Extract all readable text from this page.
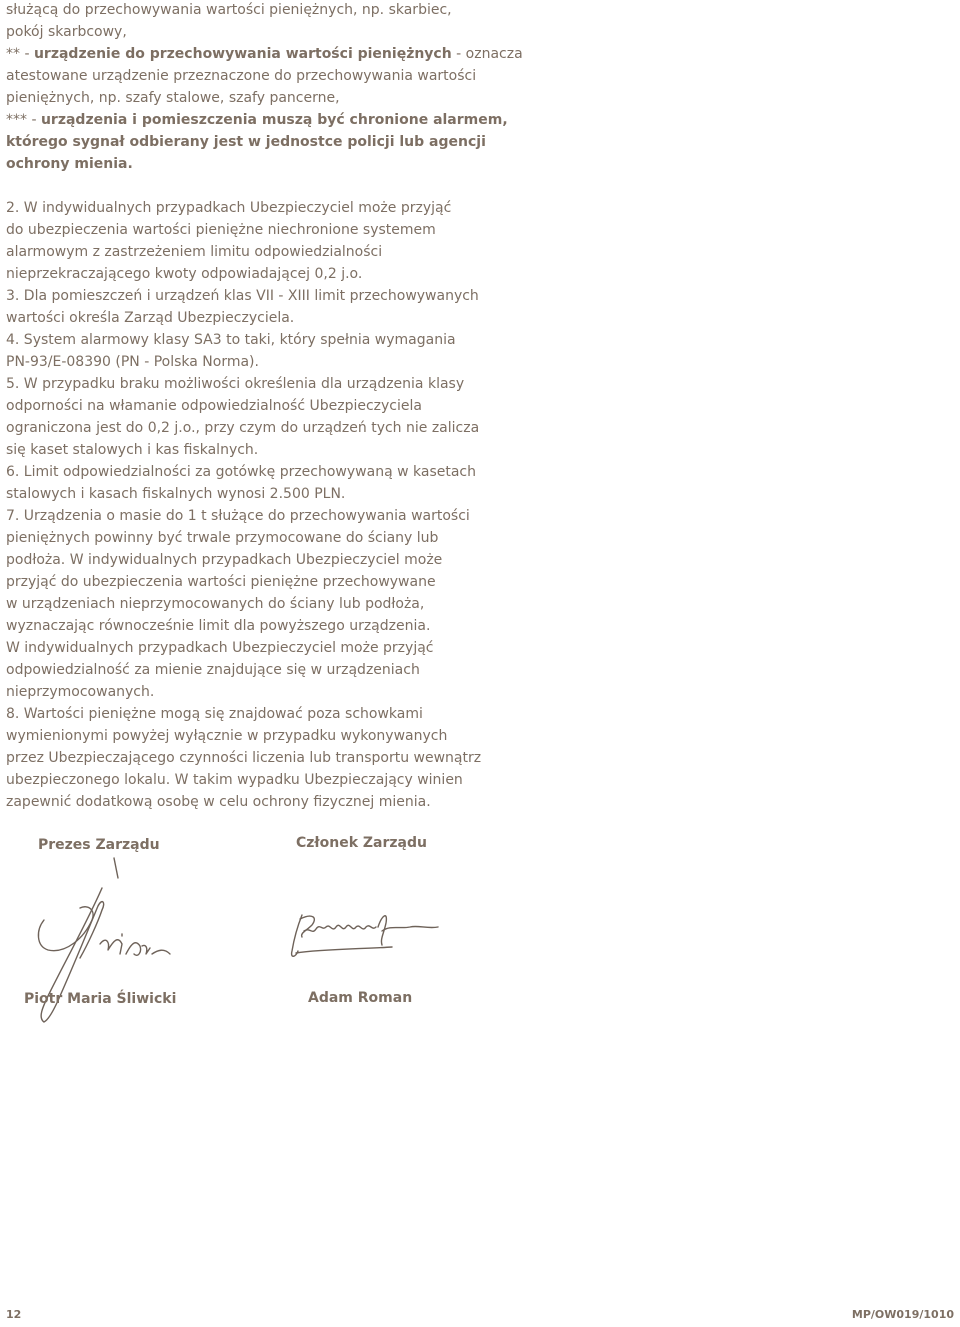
służącą do przechowywania wartości pieniężnych, np. skarbiec,
pokój skarbcowy,
** - urządzenie do przechowywania wartości pieniężnych - oznacza
atestowane urządzenie przeznaczone do przechowywania wartości
pieniężnych, np. szafy stalowe, szafy pancerne,
*** - urządzenia i pomieszczenia muszą być chronione alarmem,
którego sygnał odbierany jest w jednostce policji lub agencji
ochrony mienia.
2. W indywidualnych przypadkach Ubezpieczyciel może przyjąć
do ubezpieczenia wartości pieniężne niechronione systemem
alarmowym z zastrzeżeniem limitu odpowiedzialności
nieprzekraczającego kwoty odpowiadającej 0,2 j.o.
3. Dla pomieszczeń i urządzeń klas VII - XIII limit przechowywanych
wartości określa Zarząd Ubezpieczyciela.
4. System alarmowy klasy SA3 to taki, który spełnia wymagania
PN-93/E-08390 (PN - Polska Norma).
5. W przypadku braku możliwości określenia dla urządzenia klasy
odporności na włamanie odpowiedzialność Ubezpieczyciela
ograniczona jest do 0,2 j.o., przy czym do urządzeń tych nie zalicza
się kaset stalowych i kas fiskalnych.
6. Limit odpowiedzialności za gotówkę przechowywaną w kasetach
stalowych i kasach fiskalnych wynosi 2.500 PLN.
7. Urządzenia o masie do 1 t służące do przechowywania wartości
pieniężnych powinny być trwale przymocowane do ściany lub
podłoża. W indywidualnych przypadkach Ubezpieczyciel może
przyjąć do ubezpieczenia wartości pieniężne przechowywane
w urządzeniach nieprzymocowanych do ściany lub podłoża,
wyznaczając równocześnie limit dla powyższego urządzenia.
W indywidualnych przypadkach Ubezpieczyciel może przyjąć
odpowiedzialność za mienie znajdujące się w urządzeniach
nieprzymocowanych.
8. Wartości pieniężne mogą się znajdować poza schowkami
wymienionymi powyżej wyłącznie w przypadku wykonywanych
przez Ubezpieczającego czynności liczenia lub transportu wewnątrz
ubezpieczonego lokalu. W takim wypadku Ubezpieczający winien
zapewnić dodatkową osobę w celu ochrony fizycznej mienia.
Prezes Zarządu	Członek Zarządu
Piotr Maria Śliwicki	Adam Roman
12	MP/OW019/1010
